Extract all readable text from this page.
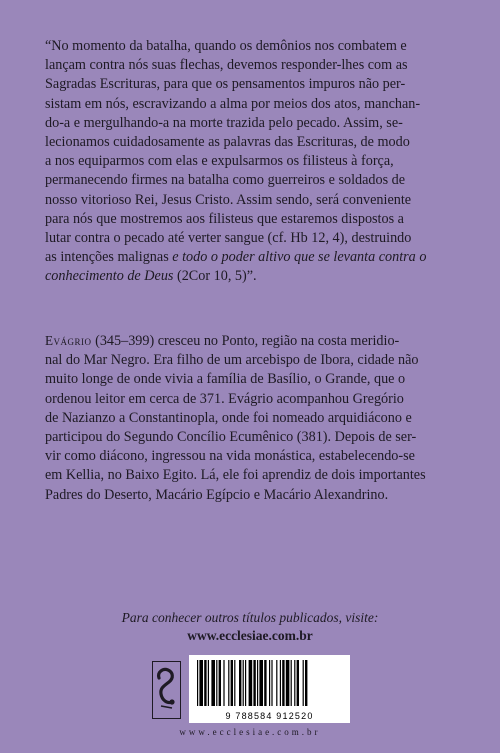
“No momento da batalha, quando os demônios nos combatem e

lançam contra nós suas flechas, devemos responder-lhes com as

Sagradas Escrituras, para que os pensamentos impuros não per-

sistam em nós, escravizando a alma por meios dos atos, manchan-

do-a e mergulhando-a na morte trazida pelo pecado. Assim, se-

lecionamos cuidadosamente as palavras das Escrituras, de modo

a nos equiparmos com elas e expulsarmos os filisteus à força,

permanecendo firmes na batalha como guerreiros e soldados de

nosso vitorioso Rei, Jesus Cristo. Assim sendo, será conveniente

para nós que mostremos aos filisteus que estaremos dispostos a

lutar contra o pecado até verter sangue (cf. Hb 12, 4), destruindo

as intenções malignas e todo o poder altivo que se levanta contra o

conhecimento de Deus (2Cor 10, 5)”.

Evágrio (345–399) cresceu no Ponto, região na costa meridio-

nal do Mar Negro. Era filho de um arcebispo de Ibora, cidade não

muito longe de onde vivia a família de Basílio, o Grande, que o

ordenou leitor em cerca de 371. Evágrio acompanhou Gregório

de Nazianzo a Constantinopla, onde foi nomeado arquidiácono e

participou do Segundo Concílio Ecumênico (381). Depois de ser-

vir como diácono, ingressou na vida monástica, estabelecendo-se

em Kellia, no Baixo Egito. Lá, ele foi aprendiz de dois importantes

Padres do Deserto, Macário Egípcio e Macário Alexandrino.

Para conhecer outros títulos publicados, visite:
www.ecclesiae.com.br
9 788584 912520
www.ecclesiae.com.br
